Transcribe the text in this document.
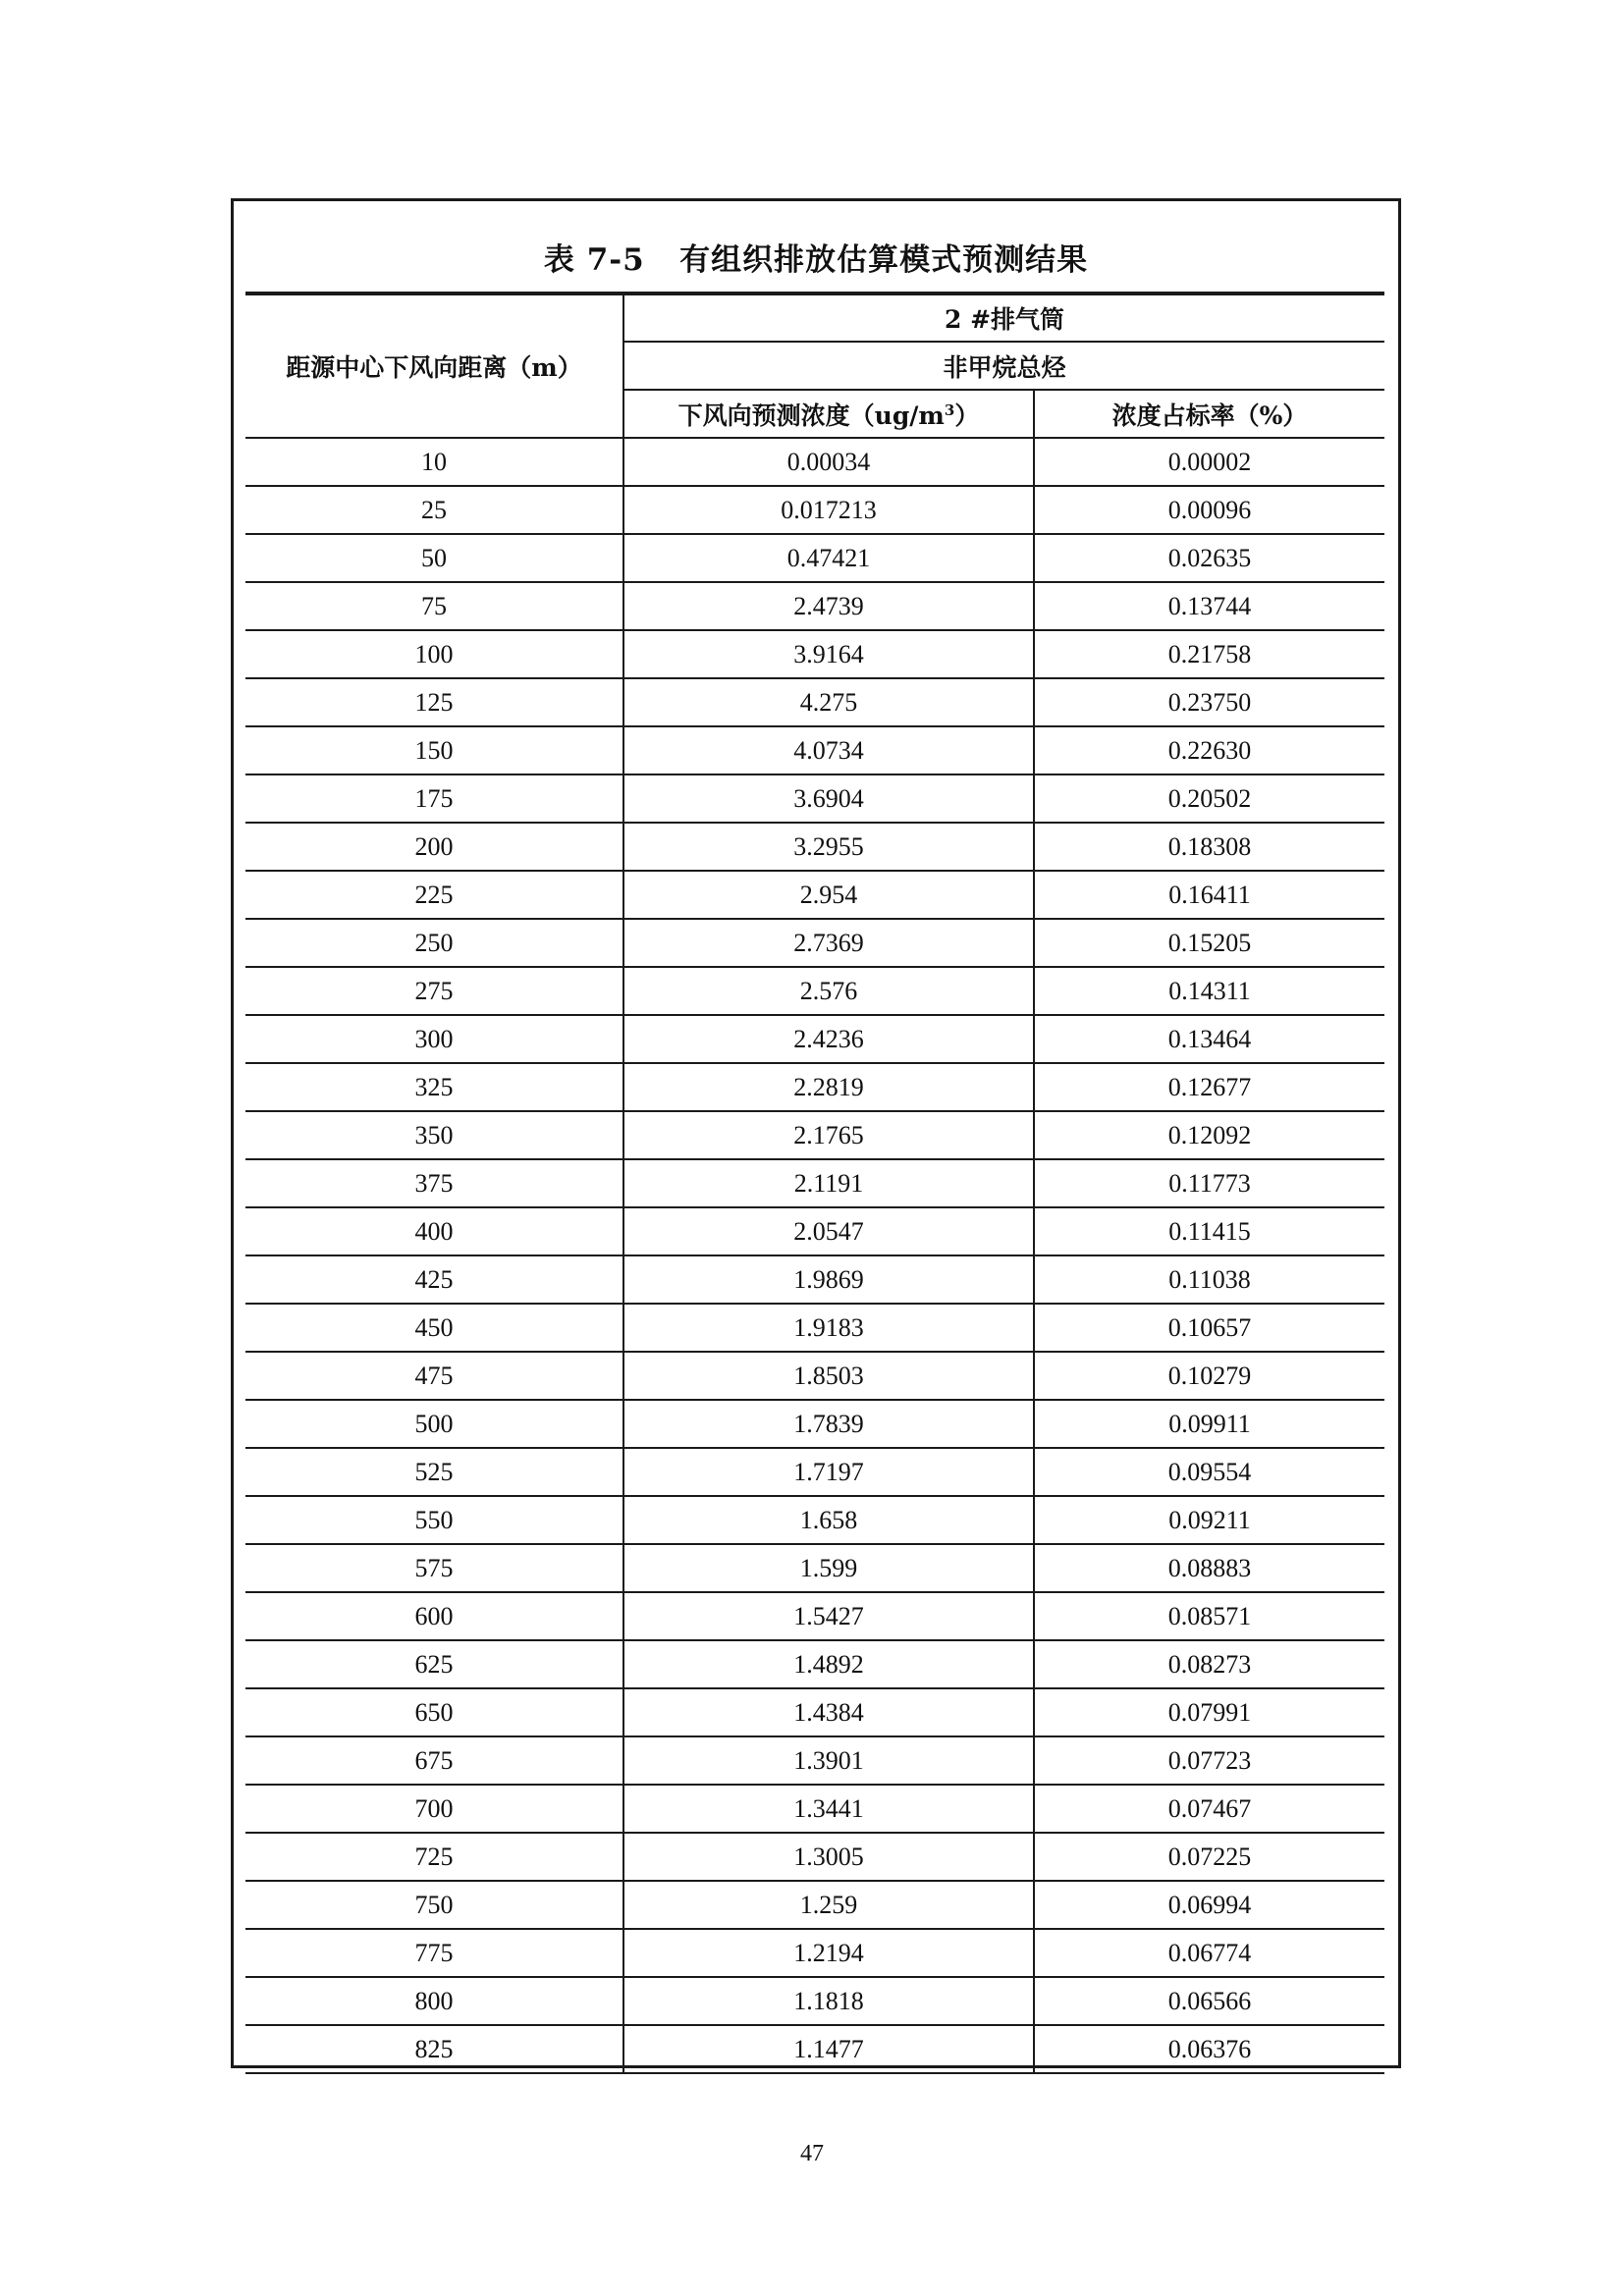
表 7-5   有组织排放估算模式预测结果
距源中心下风向距离（m）	2 #排气筒	
	非甲烷总烃	
	下风向预测浓度$(ug/m^3)$	浓度占标率（%）
10	0.00034	0.00002
25	0.017213	0.00096
50	0.47421	0.02635
75	2.4739	0.13744
100	3.9164	0.21758
125	4.275	0.23750
150	4.0734	0.22630
175	3.6904	0.20502
200	3.2955	0.18308
225	2.954	0.16411
250	2.7369	0.15205
275	2.576	0.14311
300	2.4236	0.13464
325	2.2819	0.12677
350	2.1765	0.12092
375	2.1191	0.11773
400	2.0547	0.11415
425	1.9869	0.11038
450	1.9183	0.10657
475	1.8503	0.10279
500	1.7839	0.09911
525	1.7197	0.09554
550	1.658	0.09211
575	1.599	0.08883
600	1.5427	0.08571
625	1.4892	0.08273
650	1.4384	0.07991
675	1.3901	0.07723
700	1.3441	0.07467
725	1.3005	0.07225
750	1.259	0.06994
775	1.2194	0.06774
800	1.1818	0.06566
825	1.1477	0.06376
47
